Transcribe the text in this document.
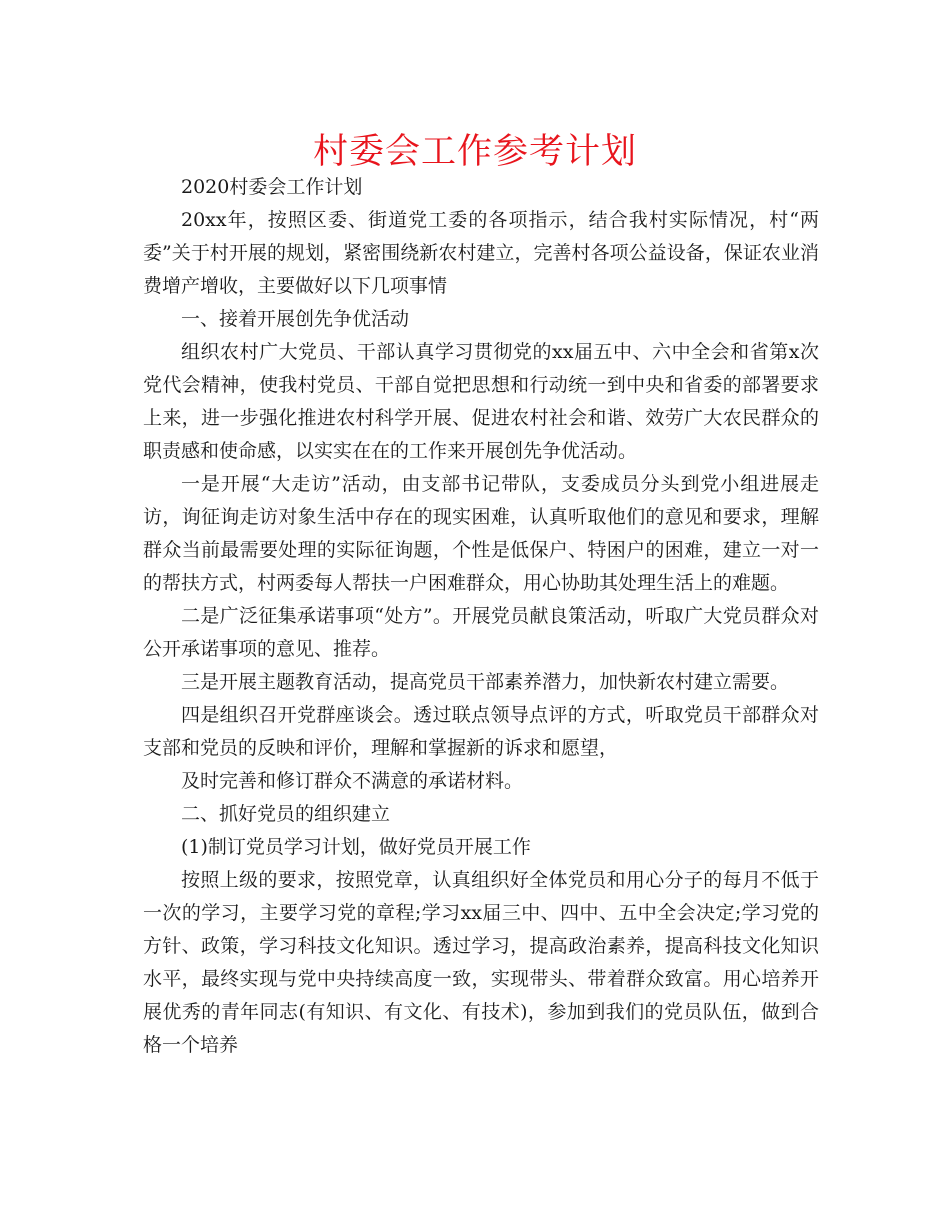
村委会工作参考计划

2020村委会工作计划

20xx年，按照区委、街道党工委的各项指示，结合我村实际情况，村“两委”关于村开展的规划，紧密围绕新农村建立，完善村各项公益设备，保证农业消费增产增收，主要做好以下几项事情

一、接着开展创先争优活动

组织农村广大党员、干部认真学习贯彻党的xx届五中、六中全会和省第x次党代会精神，使我村党员、干部自觉把思想和行动统一到中央和省委的部署要求上来，进一步强化推进农村科学开展、促进农村社会和谐、效劳广大农民群众的职责感和使命感，以实实在在的工作来开展创先争优活动。

一是开展“大走访”活动，由支部书记带队，支委成员分头到党小组进展走访，询征询走访对象生活中存在的现实困难，认真听取他们的意见和要求，理解群众当前最需要处理的实际征询题，个性是低保户、特困户的困难，建立一对一的帮扶方式，村两委每人帮扶一户困难群众，用心协助其处理生活上的难题。

二是广泛征集承诺事项“处方”。开展党员献良策活动，听取广大党员群众对公开承诺事项的意见、推荐。

三是开展主题教育活动，提高党员干部素养潜力，加快新农村建立需要。

四是组织召开党群座谈会。透过联点领导点评的方式，听取党员干部群众对支部和党员的反映和评价，理解和掌握新的诉求和愿望，

及时完善和修订群众不满意的承诺材料。

二、抓好党员的组织建立

(1)制订党员学习计划，做好党员开展工作

按照上级的要求，按照党章，认真组织好全体党员和用心分子的每月不低于一次的学习，主要学习党的章程;学习xx届三中、四中、五中全会决定;学习党的方针、政策，学习科技文化知识。透过学习，提高政治素养，提高科技文化知识水平，最终实现与党中央持续高度一致，实现带头、带着群众致富。用心培养开展优秀的青年同志(有知识、有文化、有技术)，参加到我们的党员队伍，做到合格一个培养
